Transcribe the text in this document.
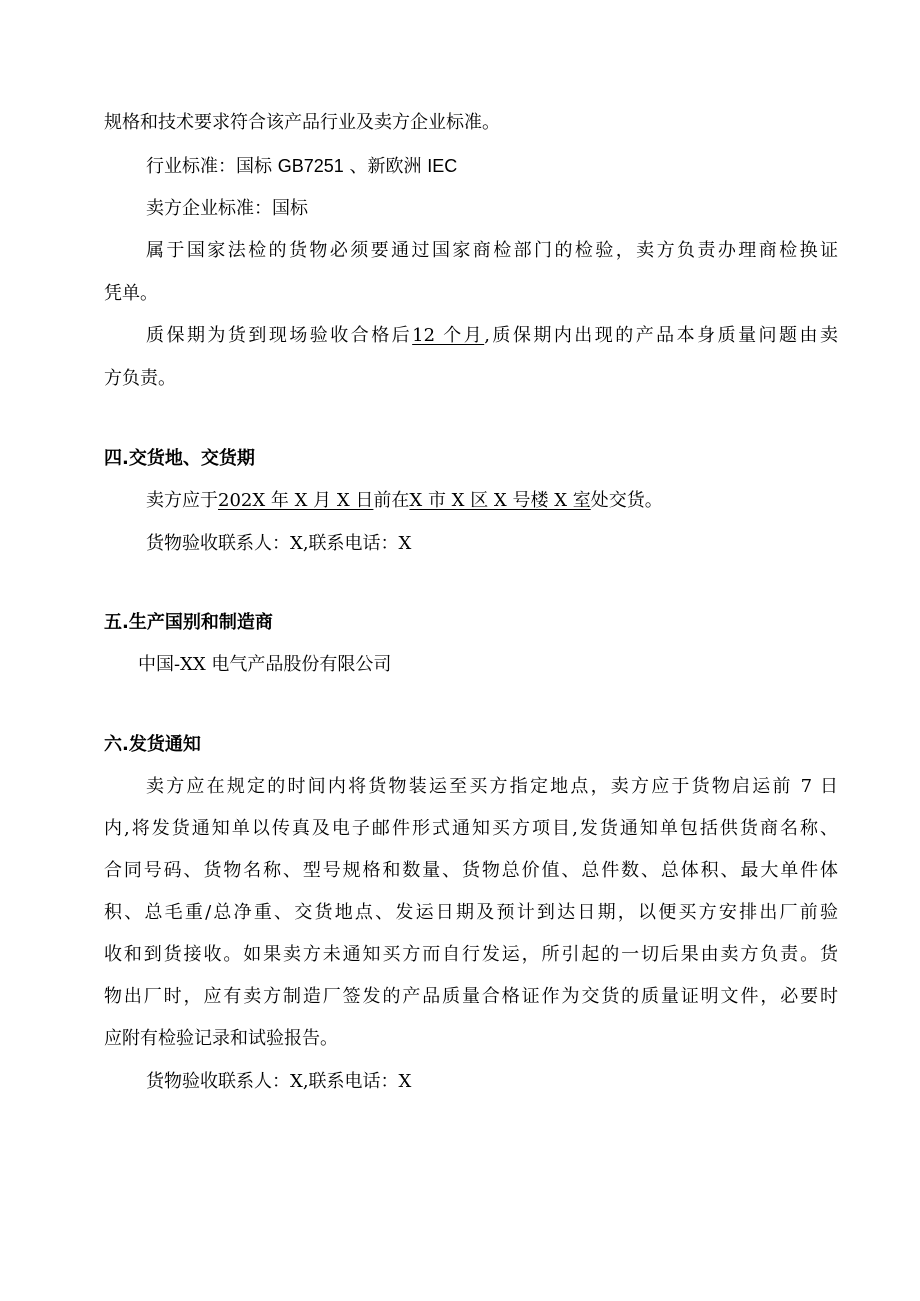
规格和技术要求符合该产品行业及卖方企业标准。
行业标准：国标 GB7251 、新欧洲 IEC
卖方企业标准：国标
属于国家法检的货物必须要通过国家商检部门的检验，卖方负责办理商检换证
凭单。
质保期为货到现场验收合格后12 个月,质保期内出现的产品本身质量问题由卖
方负责。
四.交货地、交货期
卖方应于202X 年 X 月 X 日前在X 市 X 区 X 号楼 X 室处交货。
货物验收联系人：X,联系电话：X
五.生产国别和制造商
中国-XX 电气产品股份有限公司
六.发货通知
卖方应在规定的时间内将货物装运至买方指定地点，卖方应于货物启运前 7 日
内,将发货通知单以传真及电子邮件形式通知买方项目,发货通知单包括供货商名称、
合同号码、货物名称、型号规格和数量、货物总价值、总件数、总体积、最大单件体
积、总毛重/总净重、交货地点、发运日期及预计到达日期，以便买方安排出厂前验
收和到货接收。如果卖方未通知买方而自行发运，所引起的一切后果由卖方负责。货
物出厂时，应有卖方制造厂签发的产品质量合格证作为交货的质量证明文件，必要时
应附有检验记录和试验报告。
货物验收联系人：X,联系电话：X
